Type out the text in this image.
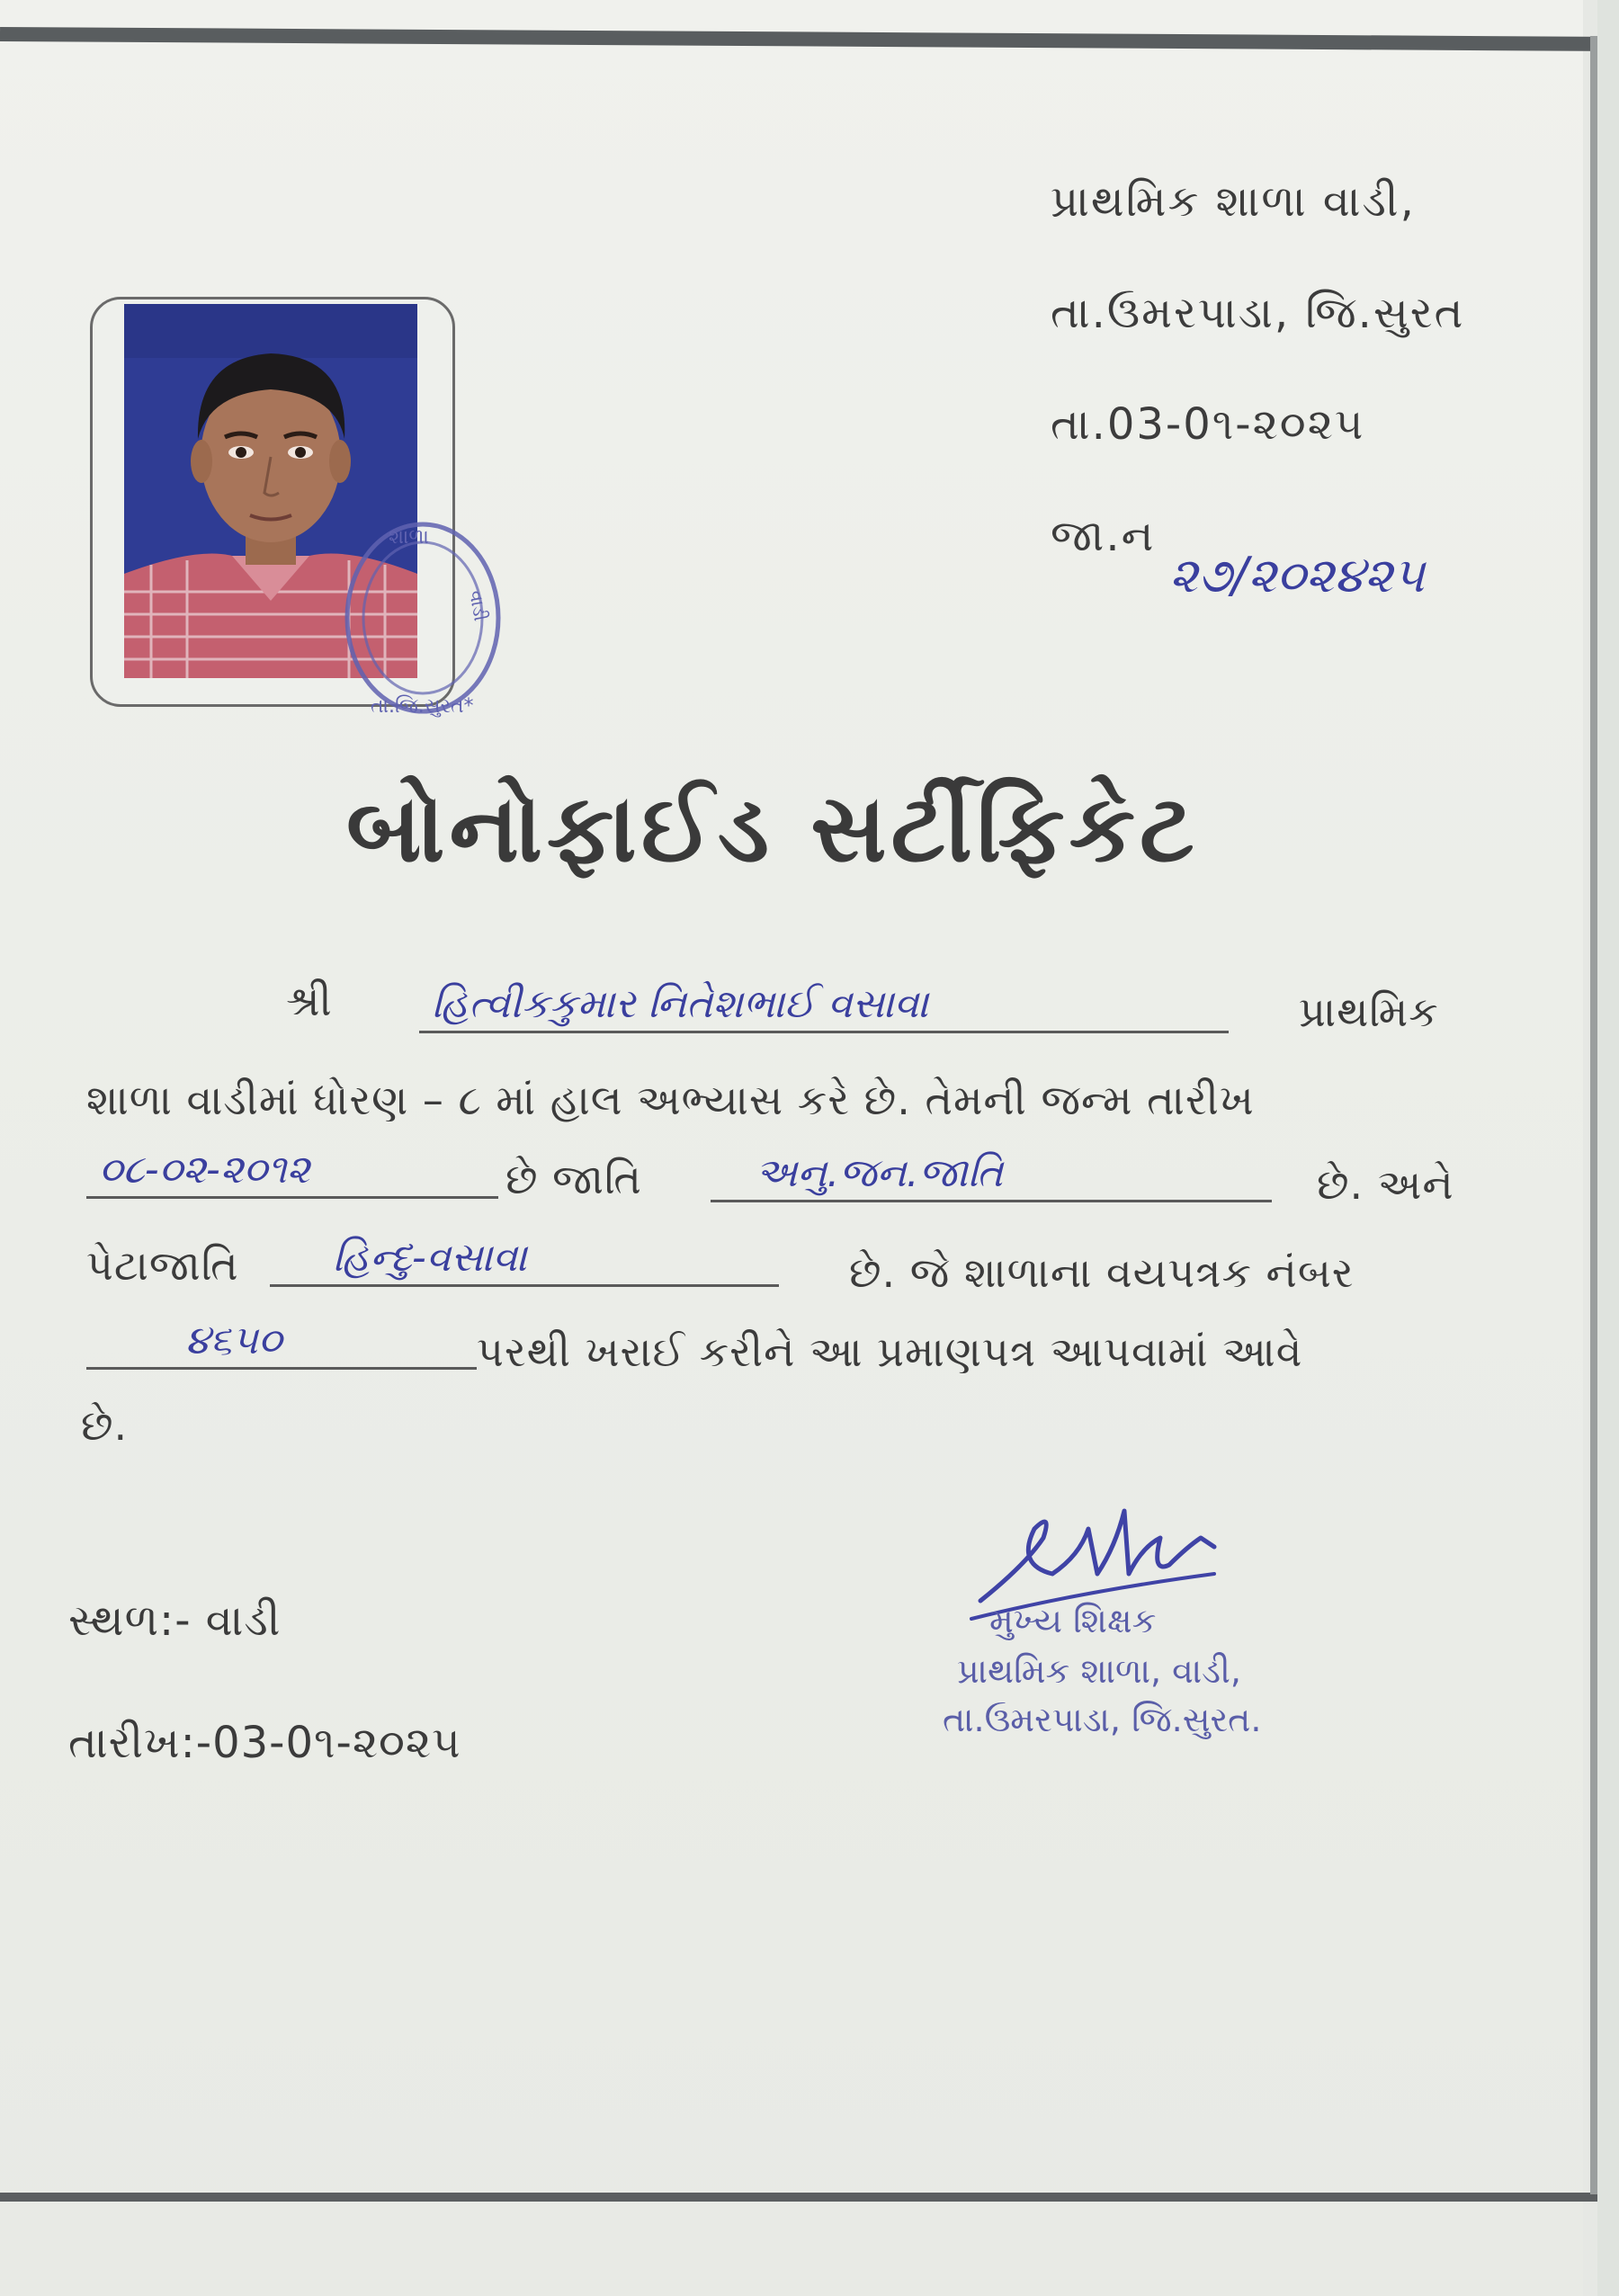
પ્રાથમિક શાળા વાડી,
તા.ઉમરપાડા, જિ.સુરત
તા.03-0૧-૨૦૨૫
જા.ન
૨૭/૨૦૨૪૨૫
શાળા
વાડી
તા.જિ.સુરત*
બોનોફાઈડ સર્ટીફિકેટ
શ્રી	હિત્વીકકુમાર નિતેશભાઈ વસાવા	પ્રાથમિક
શાળા વાડીમાં ધોરણ – ૮ માં હાલ અભ્યાસ કરે છે. તેમની જન્મ તારીખ
૦૮-૦૨-૨૦૧૨	છે જાતિ	અનુ.જન.જાતિ	છે. અને
પેટાજાતિ હિન્દુ-વસાવા	છે. જે શાળાના વયપત્રક નંબર
૪૬૫૦	પરથી ખરાઈ કરીને આ પ્રમાણપત્ર આપવામાં આવે
છે.
મુખ્ય શિક્ષક
પ્રાથમિક શાળા, વાડી,
તા.ઉમરપાડા, જિ.સુરત.
સ્થળ:- વાડી
તારીખ:-03-0૧-૨૦૨૫
